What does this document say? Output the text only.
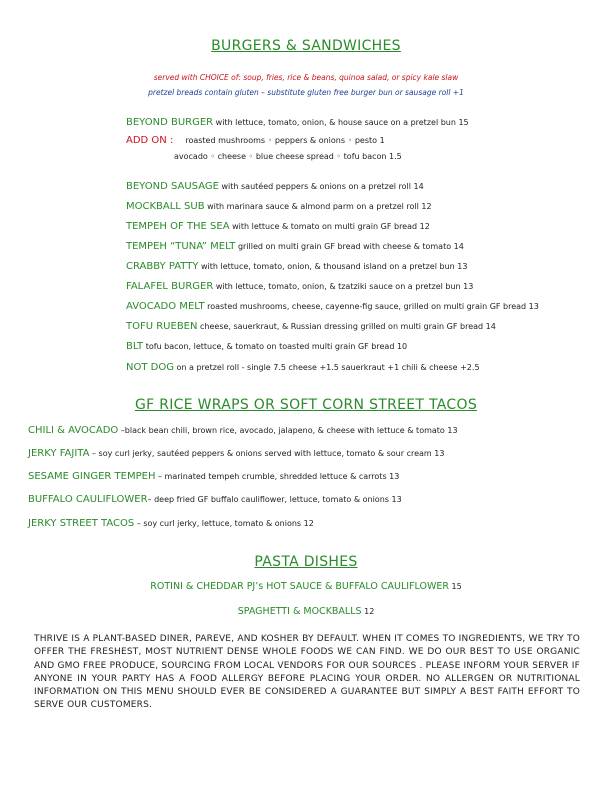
BURGERS & SANDWICHES
served with CHOICE of: soup, fries, rice & beans, quinoa salad, or spicy kale slaw
pretzel breads contain gluten – substitute gluten free burger bun or sausage roll +1
BEYOND BURGER with lettuce, tomato, onion, & house sauce on a pretzel bun 15
ADD ON : roasted mushrooms ◦ peppers & onions ◦ pesto 1
avocado ◦ cheese ◦ blue cheese spread ◦ tofu bacon 1.5
BEYOND SAUSAGE with sautéed peppers & onions on a pretzel roll 14
MOCKBALL SUB with marinara sauce & almond parm on a pretzel roll 12
TEMPEH OF THE SEA with lettuce & tomato on multi grain GF bread 12
TEMPEH “TUNA” MELT grilled on multi grain GF bread with cheese & tomato 14
CRABBY PATTY with lettuce, tomato, onion, & thousand island on a pretzel bun 13
FALAFEL BURGER with lettuce, tomato, onion, & tzatziki sauce on a pretzel bun 13
AVOCADO MELT roasted mushrooms, cheese, cayenne-fig sauce, grilled on multi grain GF bread 13
TOFU RUEBEN cheese, sauerkraut, & Russian dressing grilled on multi grain GF bread 14
BLT tofu bacon, lettuce, & tomato on toasted multi grain GF bread 10
NOT DOG on a pretzel roll - single 7.5 cheese +1.5 sauerkraut +1 chili & cheese +2.5
GF RICE WRAPS OR SOFT CORN STREET TACOS
CHILI & AVOCADO –black bean chili, brown rice, avocado, jalapeno, & cheese with lettuce & tomato 13
JERKY FAJITA – soy curl jerky, sautéed peppers & onions served with lettuce, tomato & sour cream 13
SESAME GINGER TEMPEH – marinated tempeh crumble, shredded lettuce & carrots 13
BUFFALO CAULIFLOWER– deep fried GF buffalo cauliflower, lettuce, tomato & onions 13
JERKY STREET TACOS – soy curl jerky, lettuce, tomato & onions 12
PASTA DISHES
ROTINI & CHEDDAR PJ’s HOT SAUCE & BUFFALO CAULIFLOWER 15
SPAGHETTI & MOCKBALLS 12
THRIVE IS A PLANT-BASED DINER, PAREVE, AND KOSHER BY DEFAULT. WHEN IT COMES TO INGREDIENTS, WE TRY TO OFFER THE FRESHEST, MOST NUTRIENT DENSE WHOLE FOODS WE CAN FIND. WE DO OUR BEST TO USE ORGANIC AND GMO FREE PRODUCE, SOURCING FROM LOCAL VENDORS FOR OUR SOURCES . PLEASE INFORM YOUR SERVER IF ANYONE IN YOUR PARTY HAS A FOOD ALLERGY BEFORE PLACING YOUR ORDER. NO ALLERGEN OR NUTRITIONAL INFORMATION ON THIS MENU SHOULD EVER BE CONSIDERED A GUARANTEE BUT SIMPLY A BEST FAITH EFFORT TO SERVE OUR CUSTOMERS.
